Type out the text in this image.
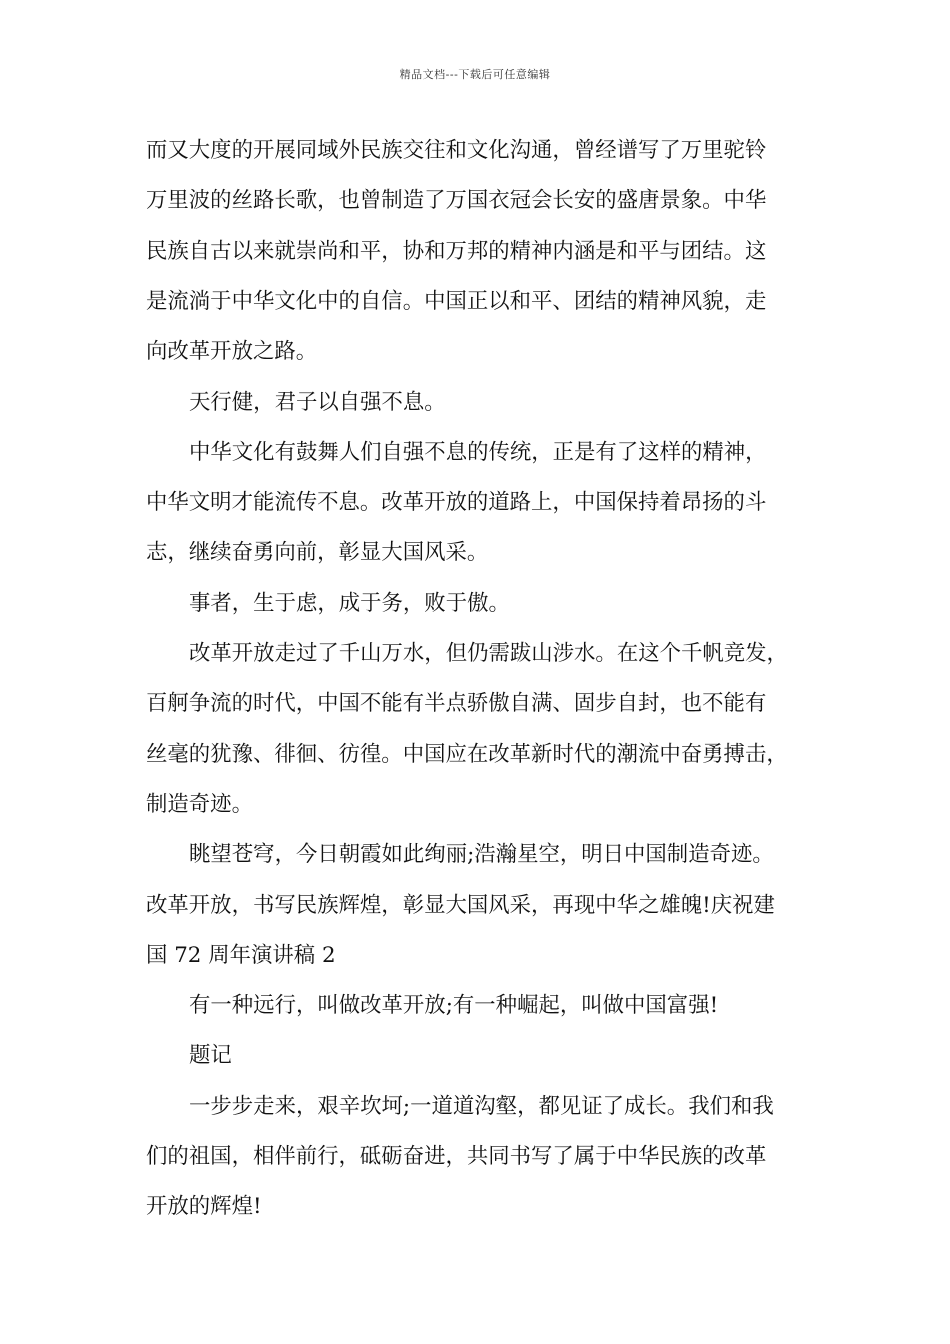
精品文档---下载后可任意编辑
而又大度的开展同域外民族交往和文化沟通，曾经谱写了万里驼铃
万里波的丝路长歌，也曾制造了万国衣冠会长安的盛唐景象。中华
民族自古以来就崇尚和平，协和万邦的精神内涵是和平与团结。这
是流淌于中华文化中的自信。中国正以和平、团结的精神风貌，走
向改革开放之路。
天行健，君子以自强不息。
中华文化有鼓舞人们自强不息的传统，正是有了这样的精神，
中华文明才能流传不息。改革开放的道路上，中国保持着昂扬的斗
志，继续奋勇向前，彰显大国风采。
事者，生于虑，成于务，败于傲。
改革开放走过了千山万水，但仍需跋山涉水。在这个千帆竞发，
百舸争流的时代，中国不能有半点骄傲自满、固步自封，也不能有
丝毫的犹豫、徘徊、彷徨。中国应在改革新时代的潮流中奋勇搏击，
制造奇迹。
眺望苍穹，今日朝霞如此绚丽;浩瀚星空，明日中国制造奇迹。
改革开放，书写民族辉煌，彰显大国风采，再现中华之雄魄!庆祝建
国 72 周年演讲稿 2
有一种远行，叫做改革开放;有一种崛起，叫做中国富强!
题记
一步步走来，艰辛坎坷;一道道沟壑，都见证了成长。我们和我
们的祖国，相伴前行，砥砺奋进，共同书写了属于中华民族的改革
开放的辉煌!
